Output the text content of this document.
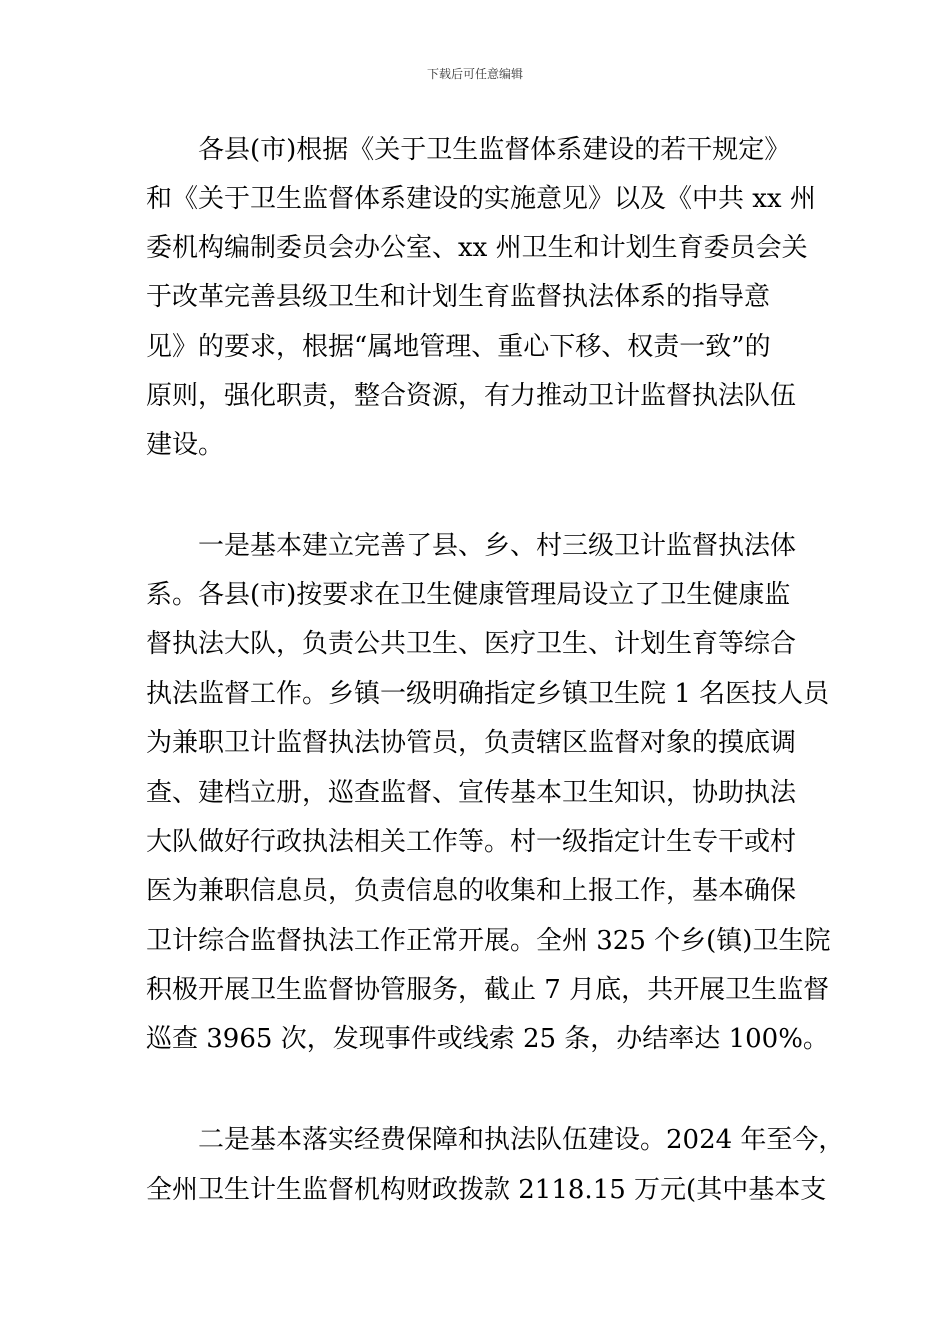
下载后可任意编辑
　　各县(市)根据《关于卫生监督体系建设的若干规定》
和《关于卫生监督体系建设的实施意见》以及《中共 xx 州
委机构编制委员会办公室、xx 州卫生和计划生育委员会关
于改革完善县级卫生和计划生育监督执法体系的指导意
见》的要求，根据“属地管理、重心下移、权责一致”的
原则，强化职责，整合资源，有力推动卫计监督执法队伍
建设。
　　一是基本建立完善了县、乡、村三级卫计监督执法体
系。各县(市)按要求在卫生健康管理局设立了卫生健康监
督执法大队，负责公共卫生、医疗卫生、计划生育等综合
执法监督工作。乡镇一级明确指定乡镇卫生院 1 名医技人员
为兼职卫计监督执法协管员，负责辖区监督对象的摸底调
查、建档立册，巡查监督、宣传基本卫生知识，协助执法
大队做好行政执法相关工作等。村一级指定计生专干或村
医为兼职信息员，负责信息的收集和上报工作，基本确保
卫计综合监督执法工作正常开展。全州 325 个乡(镇)卫生院
积极开展卫生监督协管服务，截止 7 月底，共开展卫生监督
巡查 3965 次，发现事件或线索 25 条，办结率达 100%。
　　二是基本落实经费保障和执法队伍建设。2024 年至今，
全州卫生计生监督机构财政拨款 2118.15 万元(其中基本支
